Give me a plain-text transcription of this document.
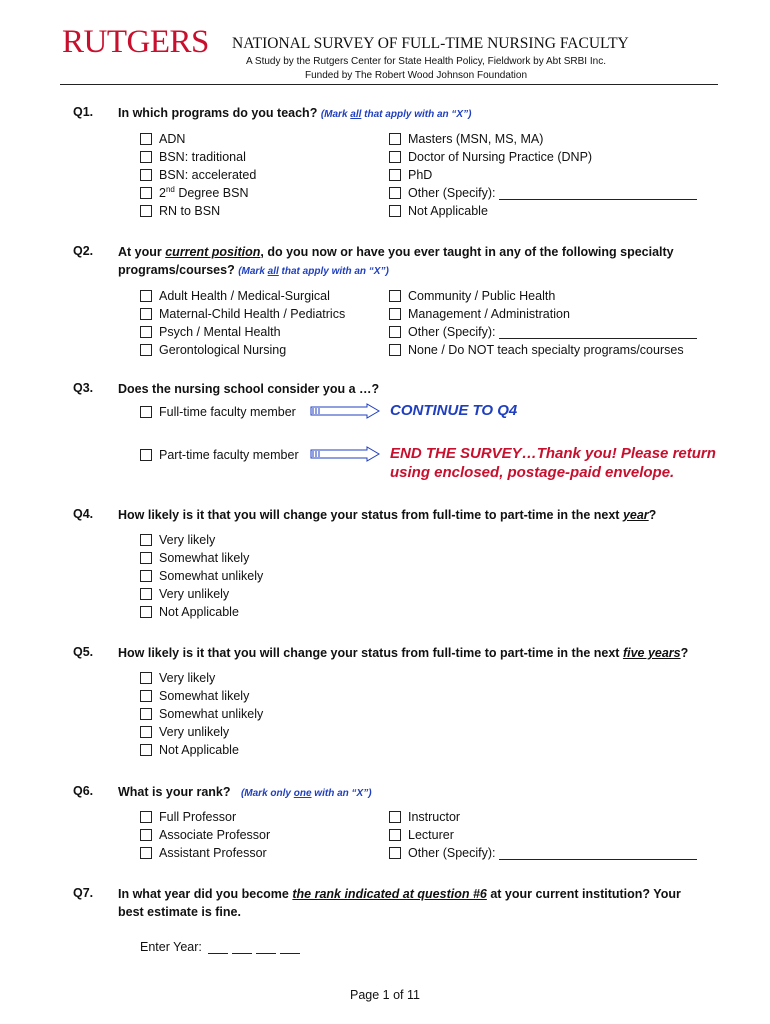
RUTGERS NATIONAL SURVEY OF FULL-TIME NURSING FACULTY
A Study by the Rutgers Center for State Health Policy, Fieldwork by Abt SRBI Inc.
Funded by The Robert Wood Johnson Foundation
Q1. In which programs do you teach? (Mark all that apply with an “X”)
ADN
BSN: traditional
BSN: accelerated
2nd Degree BSN
RN to BSN
Masters (MSN, MS, MA)
Doctor of Nursing Practice (DNP)
PhD
Other (Specify):
Not Applicable
Q2. At your current position, do you now or have you ever taught in any of the following specialty
programs/courses? (Mark all that apply with an “X”)
Adult Health / Medical-Surgical
Maternal-Child Health / Pediatrics
Psych / Mental Health
Gerontological Nursing
Community / Public Health
Management / Administration
Other (Specify):
None / Do NOT teach specialty programs/courses
Q3. Does the nursing school consider you a …?
Full-time faculty member	CONTINUE TO Q4
Part-time faculty member	END THE SURVEY…Thank you! Please return
using enclosed, postage-paid envelope.
Q4. How likely is it that you will change your status from full-time to part-time in the next year?
Very likely
Somewhat likely
Somewhat unlikely
Very unlikely
Not Applicable
Q5. How likely is it that you will change your status from full-time to part-time in the next five years?
Very likely
Somewhat likely
Somewhat unlikely
Very unlikely
Not Applicable
Q6. What is your rank? (Mark only one with an “X”)
Full Professor
Associate Professor
Assistant Professor
Instructor
Lecturer
Other (Specify):
Q7. In what year did you become the rank indicated at question #6 at your current institution? Your
best estimate is fine.
Enter Year:
Page 1 of 11
